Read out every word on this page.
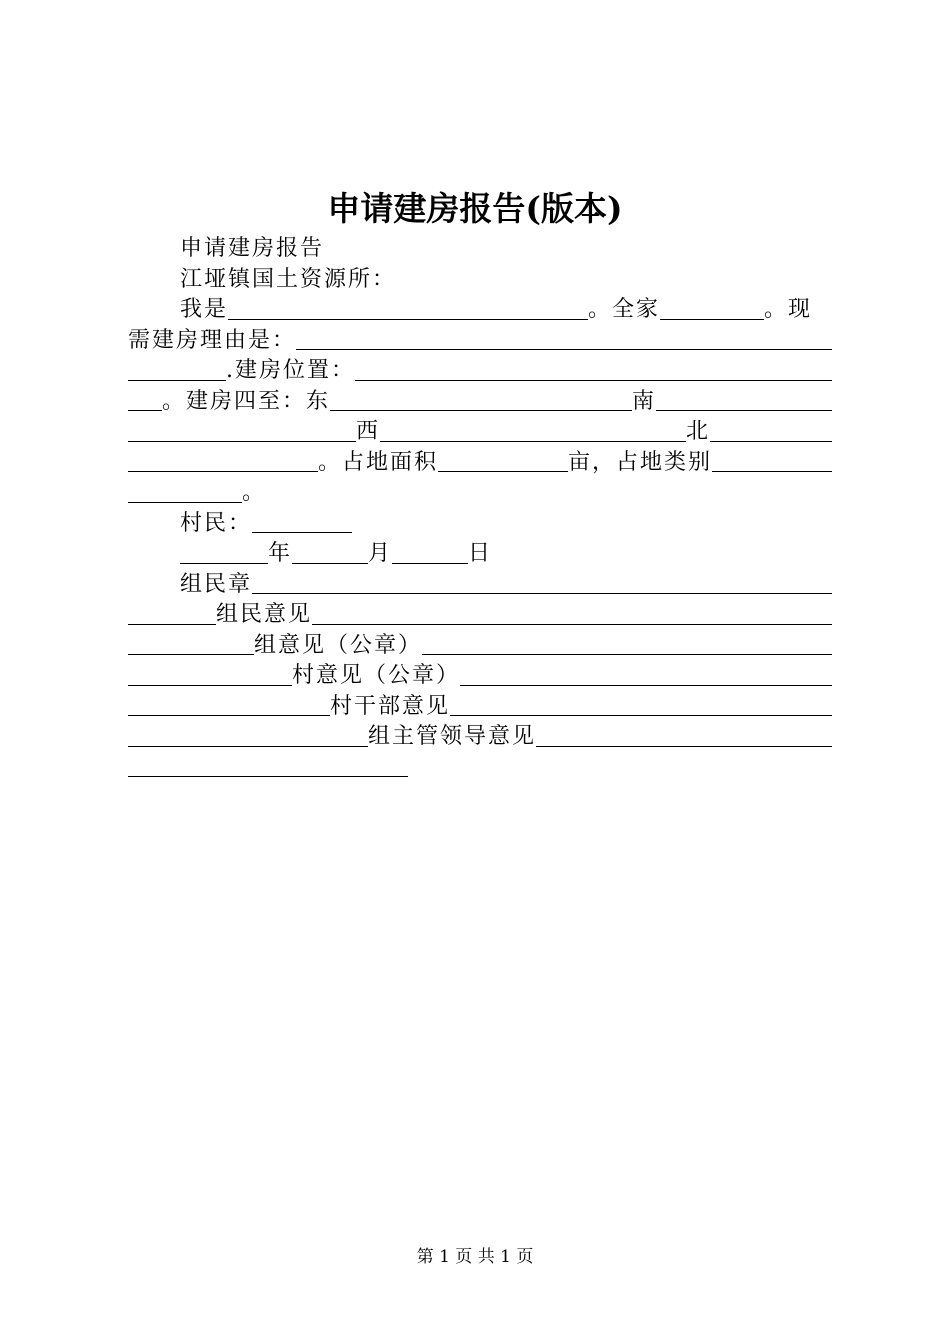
申请建房报告(版本)
申请建房报告
江垭镇国土资源所：
我是	。全家	。现
需建房理由是：
.建房位置：
。建房四至：东	南
西	北
。占地面积	亩，占地类别
。
村民：
年	月	日
组民章
组民意见
组意见（公章）
村意见（公章）
村干部意见
组主管领导意见
第 1 页 共 1 页
